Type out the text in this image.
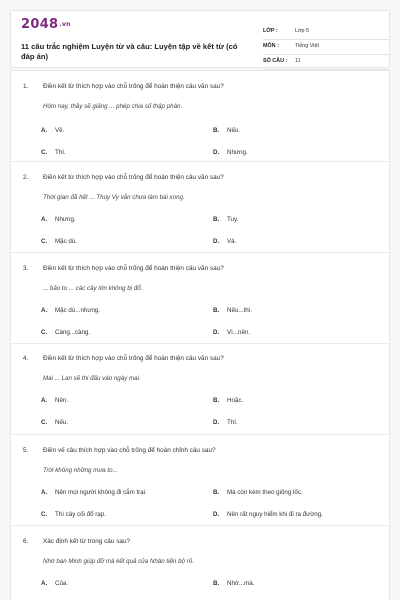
$2048^{.vn}$
11 câu trắc nghiệm Luyện từ và câu: Luyện tập về kết từ (có đáp án)
LỚP :	Lớp 5
MÔN :	Tiếng Việt
SỐ CÂU : 11
1. Điền kết từ thích hợp vào chỗ trống để hoàn thiện câu văn sau?
Hôm nay, thầy sẽ giảng ... phép chia số thập phân.
A. Về.	B. Nếu.
C. Thì.	D. Nhưng.
2. Điền kết từ thích hợp vào chỗ trống để hoàn thiện câu văn sau?
Thời gian đã hết ... Thúy Vy vẫn chưa làm bài xong.
A. Nhưng.	B. Tuy.
C. Mặc dù.	D. Và.
3. Điền kết từ thích hợp vào chỗ trống để hoàn thiện câu văn sau?
... bão to ... các cây lớn không bị đổ.
A. Mặc dù...nhưng.	B. Nếu...thì.
C. Càng...càng.	D. Vì...nên.
4. Điền kết từ thích hợp vào chỗ trống để hoàn thiện câu văn sau?
Mai ... Lan sẽ thi đấu vào ngày mai.
A. Nên.	B. Hoặc.
C. Nếu.	D. Thì.
5. Điền vế câu thích hợp vào chỗ trống để hoàn chỉnh câu sau?
Trời không những mưa to...
A. Nên mọi người không đi cắm trại.	B. Mà còn kèm theo giông lốc.
C. Thì cây cối đổ rạp.	D. Nên rất nguy hiểm khi đi ra đường.
6. Xác định kết từ trong câu sau?
Nhờ bạn Minh giúp đỡ mà kết quả của Nhân tiến bộ rõ.
A. Của.	B. Nhờ...mà.
